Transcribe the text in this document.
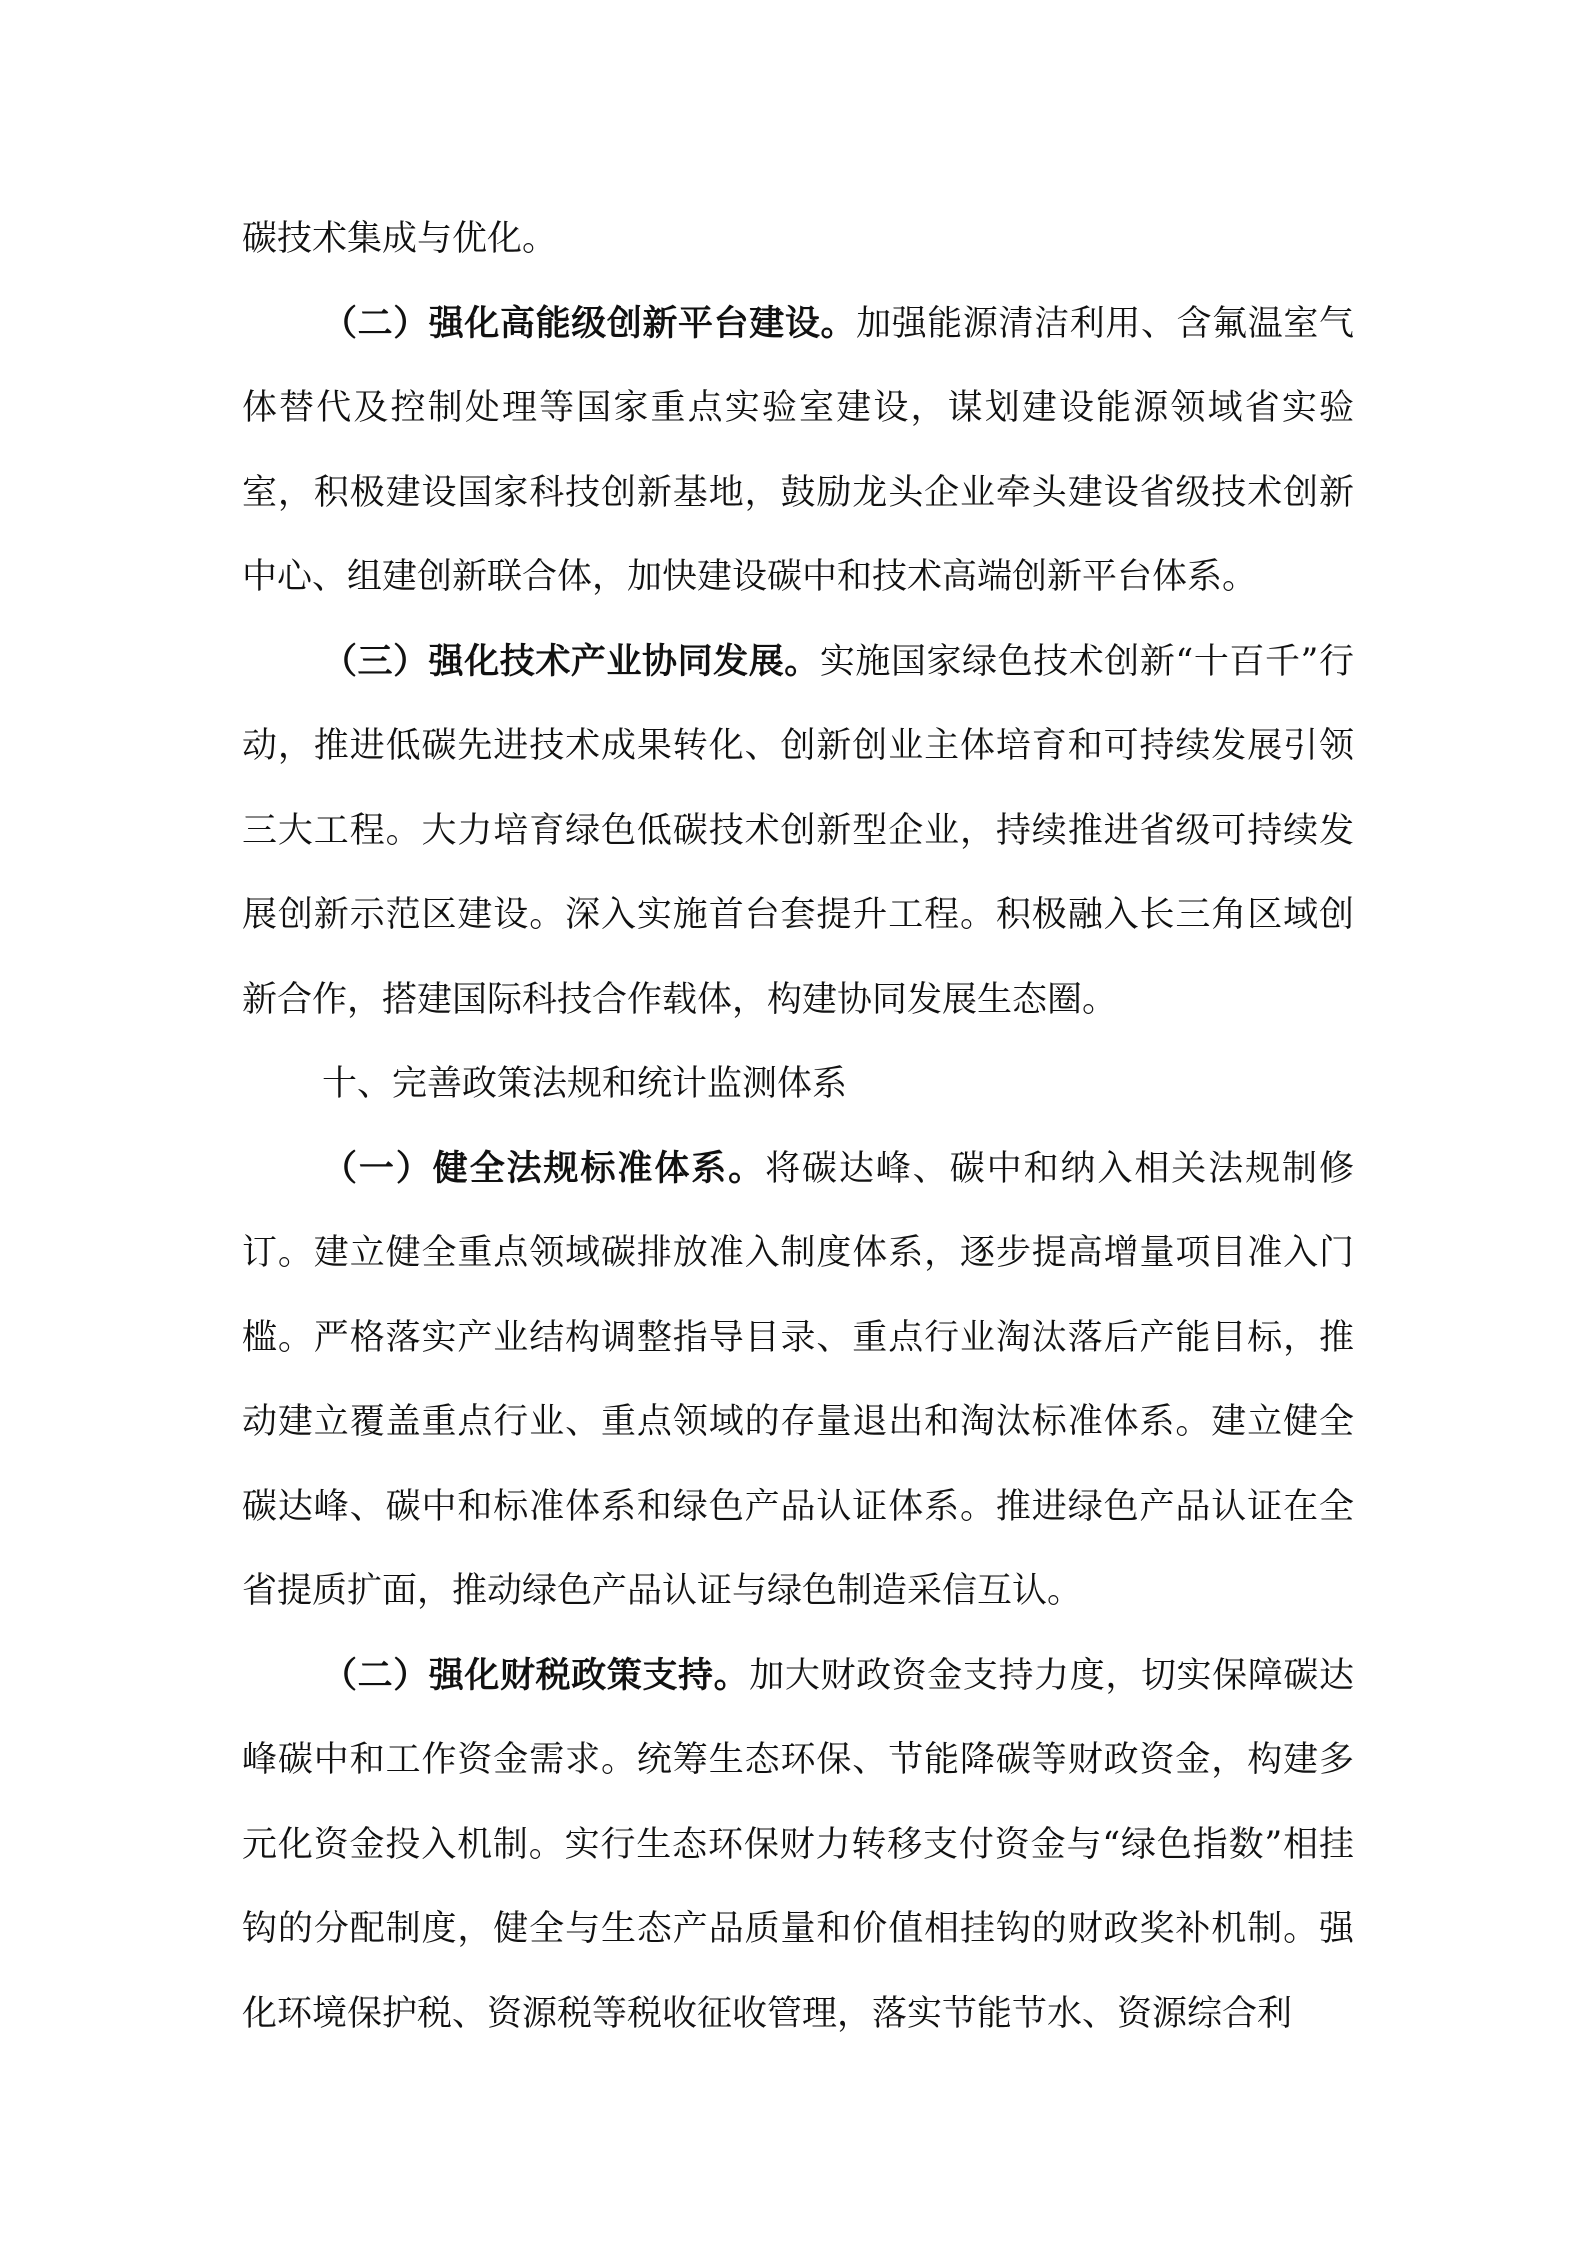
碳技术集成与优化。

（二）强化高能级创新平台建设。加强能源清洁利用、含氟温室气体替代及控制处理等国家重点实验室建设，谋划建设能源领域省实验室，积极建设国家科技创新基地，鼓励龙头企业牵头建设省级技术创新中心、组建创新联合体，加快建设碳中和技术高端创新平台体系。

（三）强化技术产业协同发展。实施国家绿色技术创新“十百千”行动，推进低碳先进技术成果转化、创新创业主体培育和可持续发展引领三大工程。大力培育绿色低碳技术创新型企业，持续推进省级可持续发展创新示范区建设。深入实施首台套提升工程。积极融入长三角区域创新合作，搭建国际科技合作载体，构建协同发展生态圈。

十、完善政策法规和统计监测体系

（一）健全法规标准体系。将碳达峰、碳中和纳入相关法规制修订。建立健全重点领域碳排放准入制度体系，逐步提高增量项目准入门槛。严格落实产业结构调整指导目录、重点行业淘汰落后产能目标，推动建立覆盖重点行业、重点领域的存量退出和淘汰标准体系。建立健全碳达峰、碳中和标准体系和绿色产品认证体系。推进绿色产品认证在全省提质扩面，推动绿色产品认证与绿色制造采信互认。

（二）强化财税政策支持。加大财政资金支持力度，切实保障碳达峰碳中和工作资金需求。统筹生态环保、节能降碳等财政资金，构建多元化资金投入机制。实行生态环保财力转移支付资金与“绿色指数”相挂钩的分配制度，健全与生态产品质量和价值相挂钩的财政奖补机制。强化环境保护税、资源税等税收征收管理，落实节能节水、资源综合利
